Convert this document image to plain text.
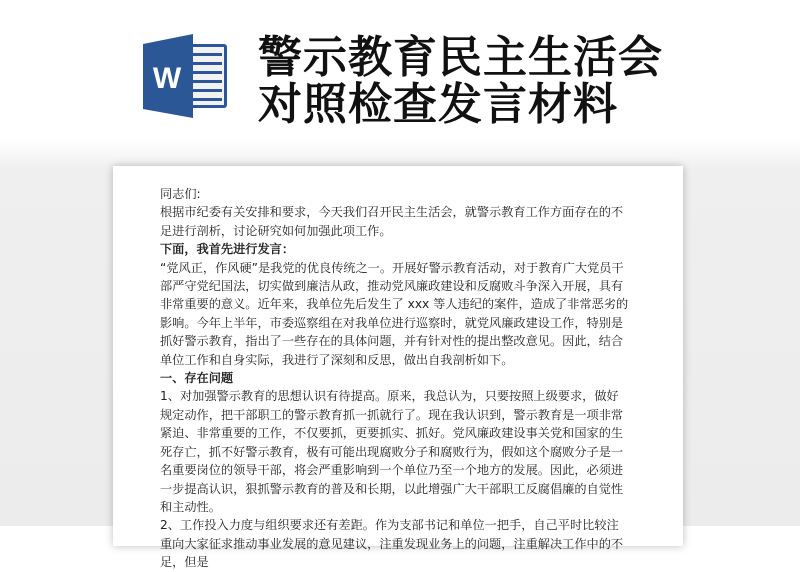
W 警示教育民主生活会
对照检查发言材料

同志们:

根据市纪委有关安排和要求，今天我们召开民主生活会，就警示教育工作方面存在的不足进行剖析，讨论研究如何加强此项工作。

下面，我首先进行发言：

“党风正，作风硬”是我党的优良传统之一。开展好警示教育活动，对于教育广大党员干部严守党纪国法，切实做到廉洁从政，推动党风廉政建设和反腐败斗争深入开展，具有非常重要的意义。近年来，我单位先后发生了 xxx 等人违纪的案件，造成了非常恶劣的影响。今年上半年，市委巡察组在对我单位进行巡察时，就党风廉政建设工作，特别是抓好警示教育，指出了一些存在的具体问题，并有针对性的提出整改意见。因此，结合单位工作和自身实际，我进行了深刻和反思，做出自我剖析如下。

一、存在问题

1、对加强警示教育的思想认识有待提高。原来，我总认为，只要按照上级要求，做好规定动作，把干部职工的警示教育抓一抓就行了。现在我认识到，警示教育是一项非常紧迫、非常重要的工作，不仅要抓，更要抓实、抓好。党风廉政建设事关党和国家的生死存亡，抓不好警示教育，极有可能出现腐败分子和腐败行为，假如这个腐败分子是一名重要岗位的领导干部，将会严重影响到一个单位乃至一个地方的发展。因此，必须进一步提高认识，狠抓警示教育的普及和长期，以此增强广大干部职工反腐倡廉的自觉性和主动性。

2、工作投入力度与组织要求还有差距。作为支部书记和单位一把手，自己平时比较注重向大家征求推动事业发展的意见建议，注重发现业务上的问题，注重解决工作中的不足，但是
